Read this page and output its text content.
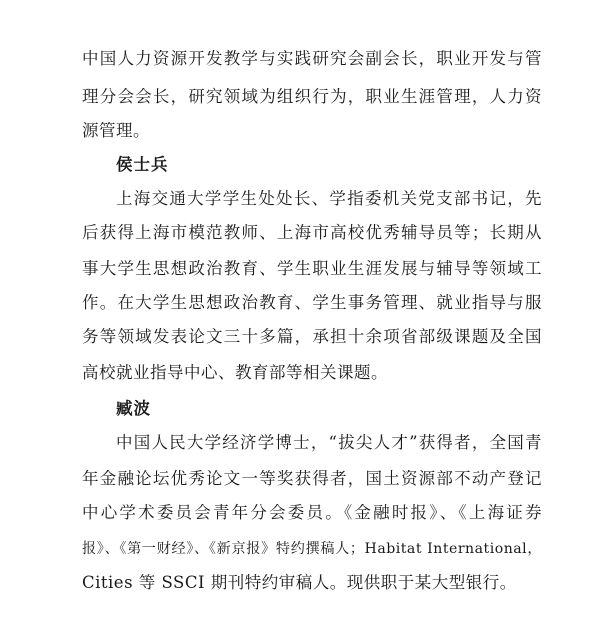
中国人力资源开发教学与实践研究会副会长，职业开发与管
理分会会长，研究领域为组织行为，职业生涯管理，人力资
源管理。
侯士兵
上海交通大学学生处处长、学指委机关党支部书记，先
后获得上海市模范教师、上海市高校优秀辅导员等；长期从
事大学生思想政治教育、学生职业生涯发展与辅导等领域工
作。在大学生思想政治教育、学生事务管理、就业指导与服
务等领域发表论文三十多篇，承担十余项省部级课题及全国
高校就业指导中心、教育部等相关课题。
臧波
中国人民大学经济学博士，“拔尖人才”获得者，全国青
年金融论坛优秀论文一等奖获得者，国土资源部不动产登记
中心学术委员会青年分会委员。《金融时报》、《上海证券
报》、《第一财经》、《新京报》特约撰稿人；Habitat International，
Cities 等 SSCI 期刊特约审稿人。现供职于某大型银行。
